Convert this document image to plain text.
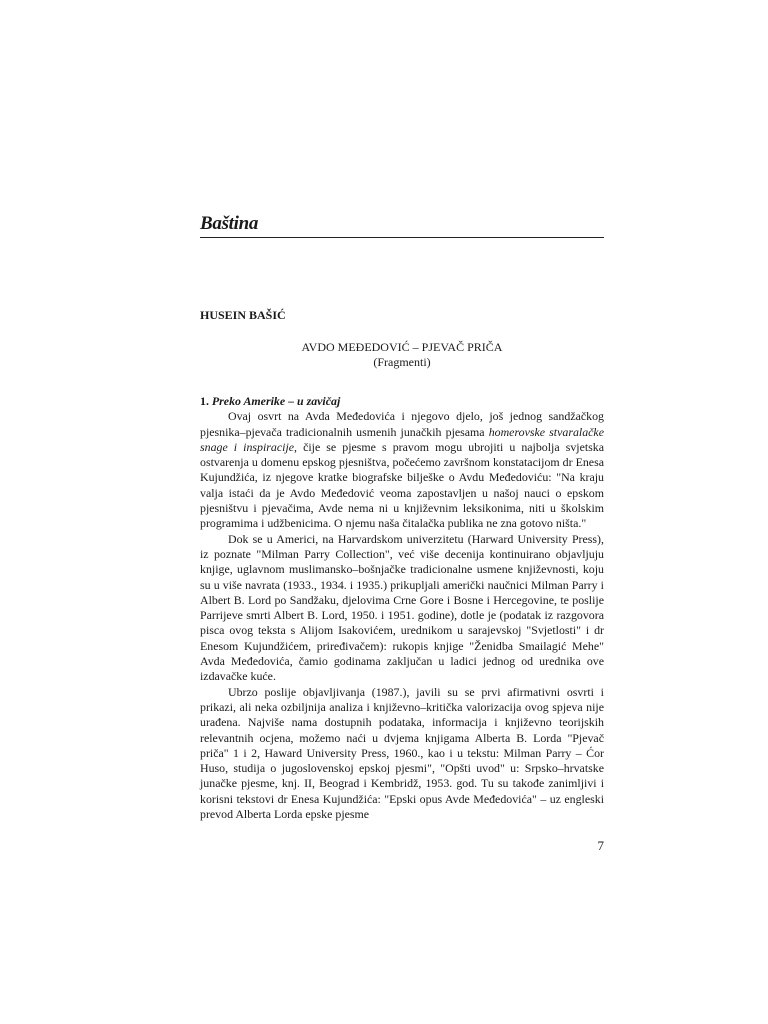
Baština
HUSEIN BAŠIĆ
AVDO MEĐEDOVIĆ – PJEVAČ PRIČA
(Fragmenti)

1. Preko Amerike – u zavičaj

Ovaj osvrt na Avda Međedovića i njegovo djelo, još jednog sandžačkog pjesnika–pjevača tradicionalnih usmenih junačkih pjesama homerovske stvaralačke snage i inspiracije, čije se pjesme s pravom mogu ubrojiti u najbolja svjetska ostvarenja u domenu epskog pjesništva, počećemo završnom konstatacijom dr Enesa Kujundžića, iz njegove kratke biografske bilješke o Avdu Međedoviću: "Na kraju valja istaći da je Avdo Međedović veoma zapostavljen u našoj nauci o epskom pjesništvu i pjevačima, Avde nema ni u književnim leksikonima, niti u školskim programima i udžbenicima. O njemu naša čitalačka publika ne zna gotovo ništa."

Dok se u Americi, na Harvardskom univerzitetu (Harward University Press), iz poznate "Milman Parry Collection", već više decenija kontinuirano objavljuju knjige, uglavnom muslimansko–bošnjačke tradicionalne usmene književnosti, koju su u više navrata (1933., 1934. i 1935.) prikupljali američki naučnici Milman Parry i Albert B. Lord po Sandžaku, djelovima Crne Gore i Bosne i Hercegovine, te poslije Parrijeve smrti Albert B. Lord, 1950. i 1951. godine), dotle je (podatak iz razgovora pisca ovog teksta s Alijom Isakovićem, urednikom u sarajevskoj "Svjetlosti" i dr Enesom Kujundžićem, priređivačem): rukopis knjige "Ženidba Smailagić Mehe" Avda Međedovića, čamio godinama zaključan u ladici jednog od urednika ove izdavačke kuće.

Ubrzo poslije objavljivanja (1987.), javili su se prvi afirmativni osvrti i prikazi, ali neka ozbiljnija analiza i književno–kritička valorizacija ovog spjeva nije urađena. Najviše nama dostupnih podataka, informacija i književno teorijskih relevantnih ocjena, možemo naći u dvjema knjigama Alberta B. Lorda "Pjevač priča" 1 i 2, Haward University Press, 1960., kao i u tekstu: Milman Parry – Ćor Huso, studija o jugoslovenskoj epskoj pjesmi", "Opšti uvod" u: Srpsko–hrvatske junačke pjesme, knj. II, Beograd i Kembridž, 1953. god. Tu su takođe zanimljivi i korisni tekstovi dr Enesa Kujundžića: "Epski opus Avde Međedovića" – uz engleski prevod Alberta Lorda epske pjesme

7
